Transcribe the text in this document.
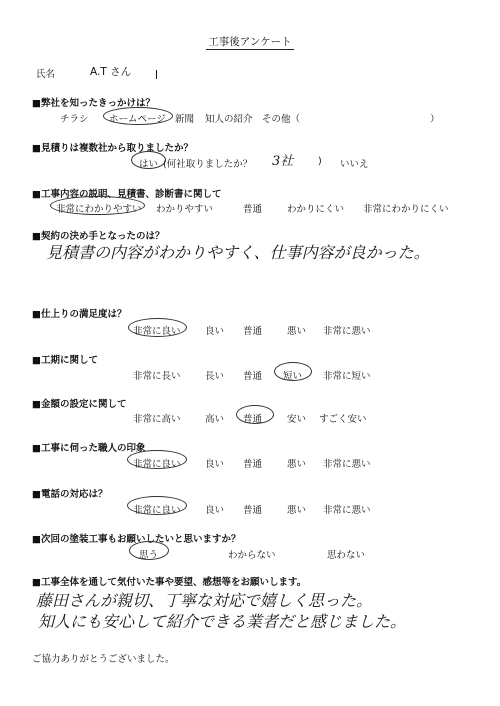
工事後アンケート
氏名	A.T さん
■弊社を知ったきっかけは？
チラシ ホームページ 新聞 知人の紹介 その他（	）
■見積りは複数社から取りましたか？
はい (何社取りましたか？ 3社	) いいえ
■工事内容の説明、見積書、診断書に関して
非常にわかりやすい わかりやすい	普通	わかりにくい 非常にわかりにくい
■契約の決め手となったのは？
見積書の内容がわかりやすく、仕事内容が良かった。
■仕上りの満足度は？
非常に良い	良い 普通	悪い 非常に悪い
■工期に関して
非常に長い	長い 普通 短い 非常に短い
■金額の設定に関して
非常に高い	高い 普通	安い すごく安い
■工事に伺った職人の印象
非常に良い	良い 普通	悪い 非常に悪い
■電話の対応は？
非常に良い	良い 普通	悪い 非常に悪い
■次回の塗装工事もお願いしたいと思いますか？
思う	わからない	思わない
■工事全体を通して気付いた事や要望、感想等をお願いします。
藤田さんが親切、丁寧な対応で嬉しく思った。
知人にも安心して紹介できる業者だと感じました。
ご協力ありがとうございました。
